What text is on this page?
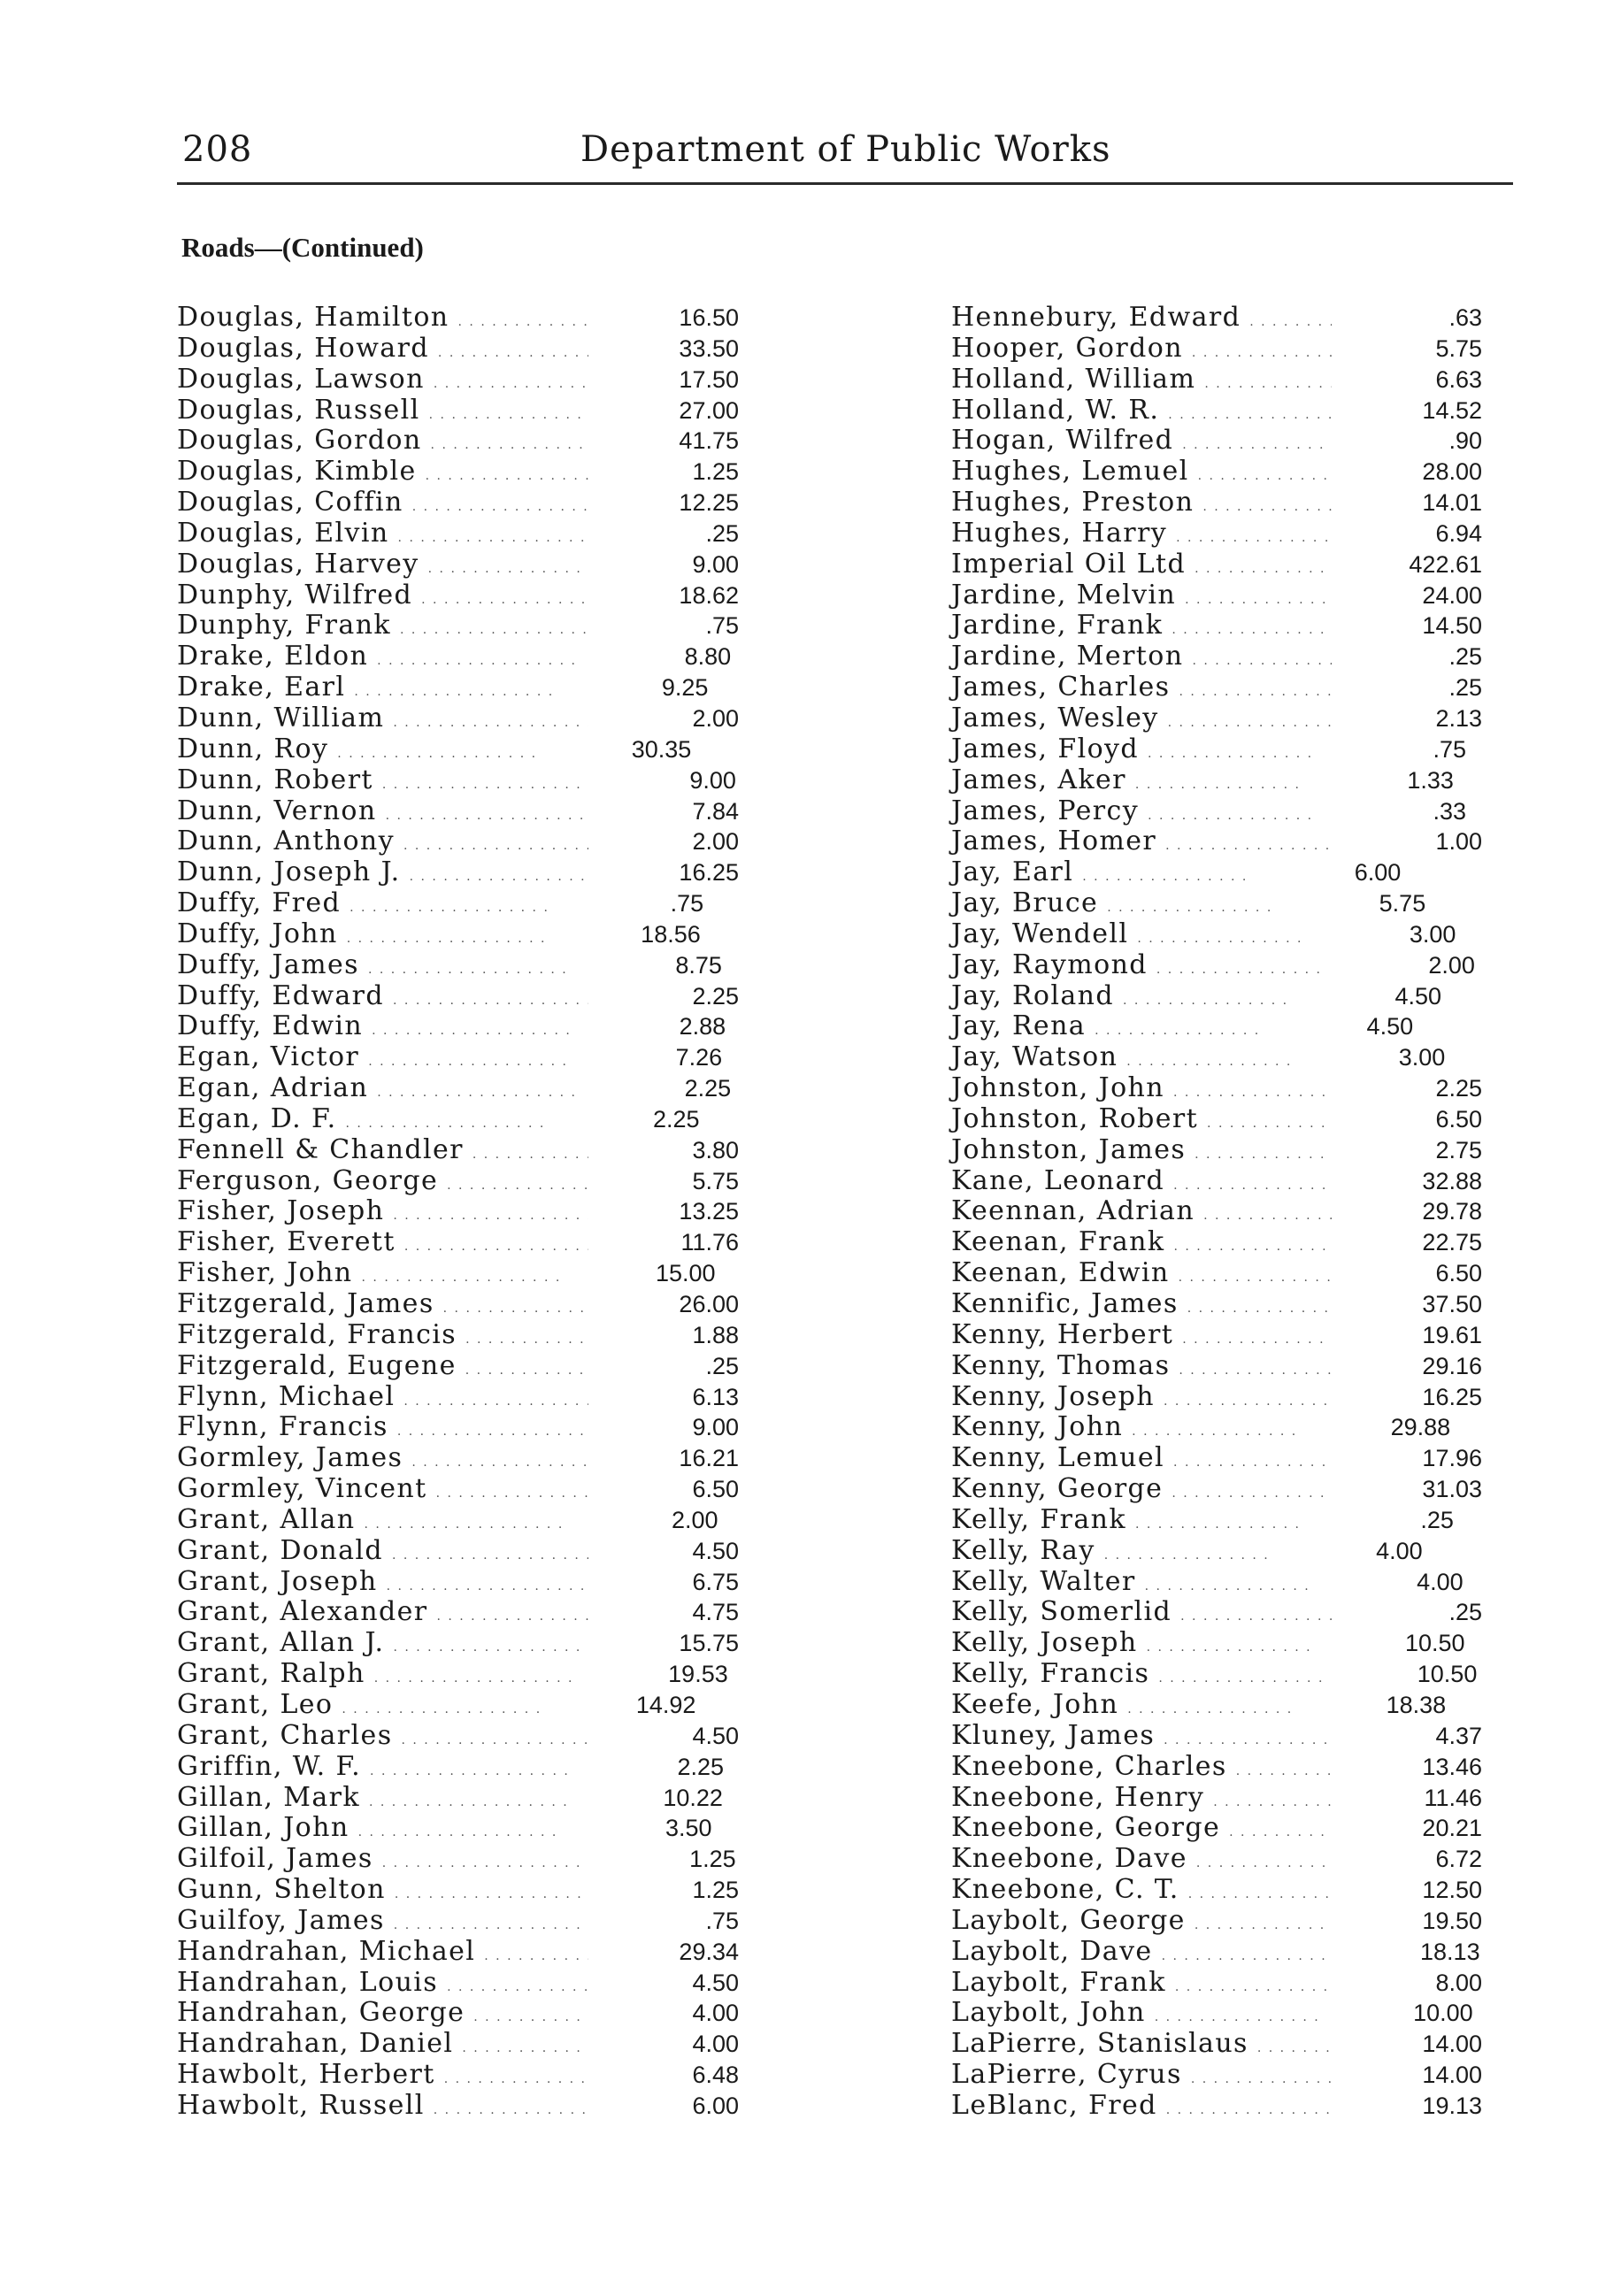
208	Department of Public Works
Roads—(Continued)
Douglas, Hamilton . . .	16.50
Douglas, Howard . . .	33.50
Douglas, Lawson . . .	17.50
Douglas, Russell . . .	27.00
Douglas, Gordon . . .	41.75
Douglas, Kimble . . .	1.25
Douglas, Coffin . . .	12.25
Douglas, Elvin . . .	.25
Douglas, Harvey . . .	9.00
Dunphy, Wilfred . . .	18.62
Dunphy, Frank . . .	.75
Drake, Eldon . . .	8.80
Drake, Earl . . .	9.25
Dunn, William . . .	2.00
Dunn, Roy . . .	30.35
Dunn, Robert . . .	9.00
Dunn, Vernon . . .	7.84
Dunn, Anthony . . .	2.00
Dunn, Joseph J. . . .	16.25
Duffy, Fred . . .	.75
Duffy, John . . .	18.56
Duffy, James . . .	8.75
Duffy, Edward . . .	2.25
Duffy, Edwin . . .	2.88
Egan, Victor . . .	7.26
Egan, Adrian . . .	2.25
Egan, D. F. . . .	2.25
Fennell & Chandler . . .	3.80
Ferguson, George . . .	5.75
Fisher, Joseph . . .	13.25
Fisher, Everett . . .	11.76
Fisher, John . . .	15.00
Fitzgerald, James . . .	26.00
Fitzgerald, Francis . . .	1.88
Fitzgerald, Eugene . . .	.25
Flynn, Michael . . .	6.13
Flynn, Francis . . .	9.00
Gormley, James . . .	16.21
Gormley, Vincent . . .	6.50
Grant, Allan . . .	2.00
Grant, Donald . . .	4.50
Grant, Joseph . . .	6.75
Grant, Alexander . . .	4.75
Grant, Allan J. . . .	15.75
Grant, Ralph . . .	19.53
Grant, Leo . . .	14.92
Grant, Charles . . .	4.50
Griffin, W. F. . . .	2.25
Gillan, Mark . . .	10.22
Gillan, John . . .	3.50
Gilfoil, James . . .	1.25
Gunn, Shelton . . .	1.25
Guilfoy, James . . .	.75
Handrahan, Michael . . .	29.34
Handrahan, Louis . . .	4.50
Handrahan, George . . .	4.00
Handrahan, Daniel . . .	4.00
Hawbolt, Herbert . . .	6.48
Hawbolt, Russell . . .	6.00
Hennebury, Edward . . .	.63
Hooper, Gordon . . .	5.75
Holland, William . . .	6.63
Holland, W. R. . . .	14.52
Hogan, Wilfred . . .	.90
Hughes, Lemuel . . .	28.00
Hughes, Preston . . .	14.01
Hughes, Harry . . .	6.94
Imperial Oil Ltd . . .	422.61
Jardine, Melvin . . .	24.00
Jardine, Frank . . .	14.50
Jardine, Merton . . .	.25
James, Charles . . .	.25
James, Wesley . . .	2.13
James, Floyd . . .	.75
James, Aker . . .	1.33
James, Percy . . .	.33
James, Homer . . .	1.00
Jay, Earl . . .	6.00
Jay, Bruce . . .	5.75
Jay, Wendell . . .	3.00
Jay, Raymond . . .	2.00
Jay, Roland . . .	4.50
Jay, Rena . . .	4.50
Jay, Watson . . .	3.00
Johnston, John . . .	2.25
Johnston, Robert . . .	6.50
Johnston, James . . .	2.75
Kane, Leonard . . .	32.88
Keennan, Adrian . . .	29.78
Keenan, Frank . . .	22.75
Keenan, Edwin . . .	6.50
Kennific, James . . .	37.50
Kenny, Herbert . . .	19.61
Kenny, Thomas . . .	29.16
Kenny, Joseph . . .	16.25
Kenny, John . . .	29.88
Kenny, Lemuel . . .	17.96
Kenny, George . . .	31.03
Kelly, Frank . . .	.25
Kelly, Ray . . .	4.00
Kelly, Walter . . .	4.00
Kelly, Somerlid . . .	.25
Kelly, Joseph . . .	10.50
Kelly, Francis . . .	10.50
Keefe, John . . .	18.38
Kluney, James . . .	4.37
Kneebone, Charles . . .	13.46
Kneebone, Henry . . .	11.46
Kneebone, George . . .	20.21
Kneebone, Dave . . .	6.72
Kneebone, C. T. . . .	12.50
Laybolt, George . . .	19.50
Laybolt, Dave . . .	18.13
Laybolt, Frank . . .	8.00
Laybolt, John . . .	10.00
LaPierre, Stanislaus . . .	14.00
LaPierre, Cyrus . . .	14.00
LeBlanc, Fred . . .	19.13
